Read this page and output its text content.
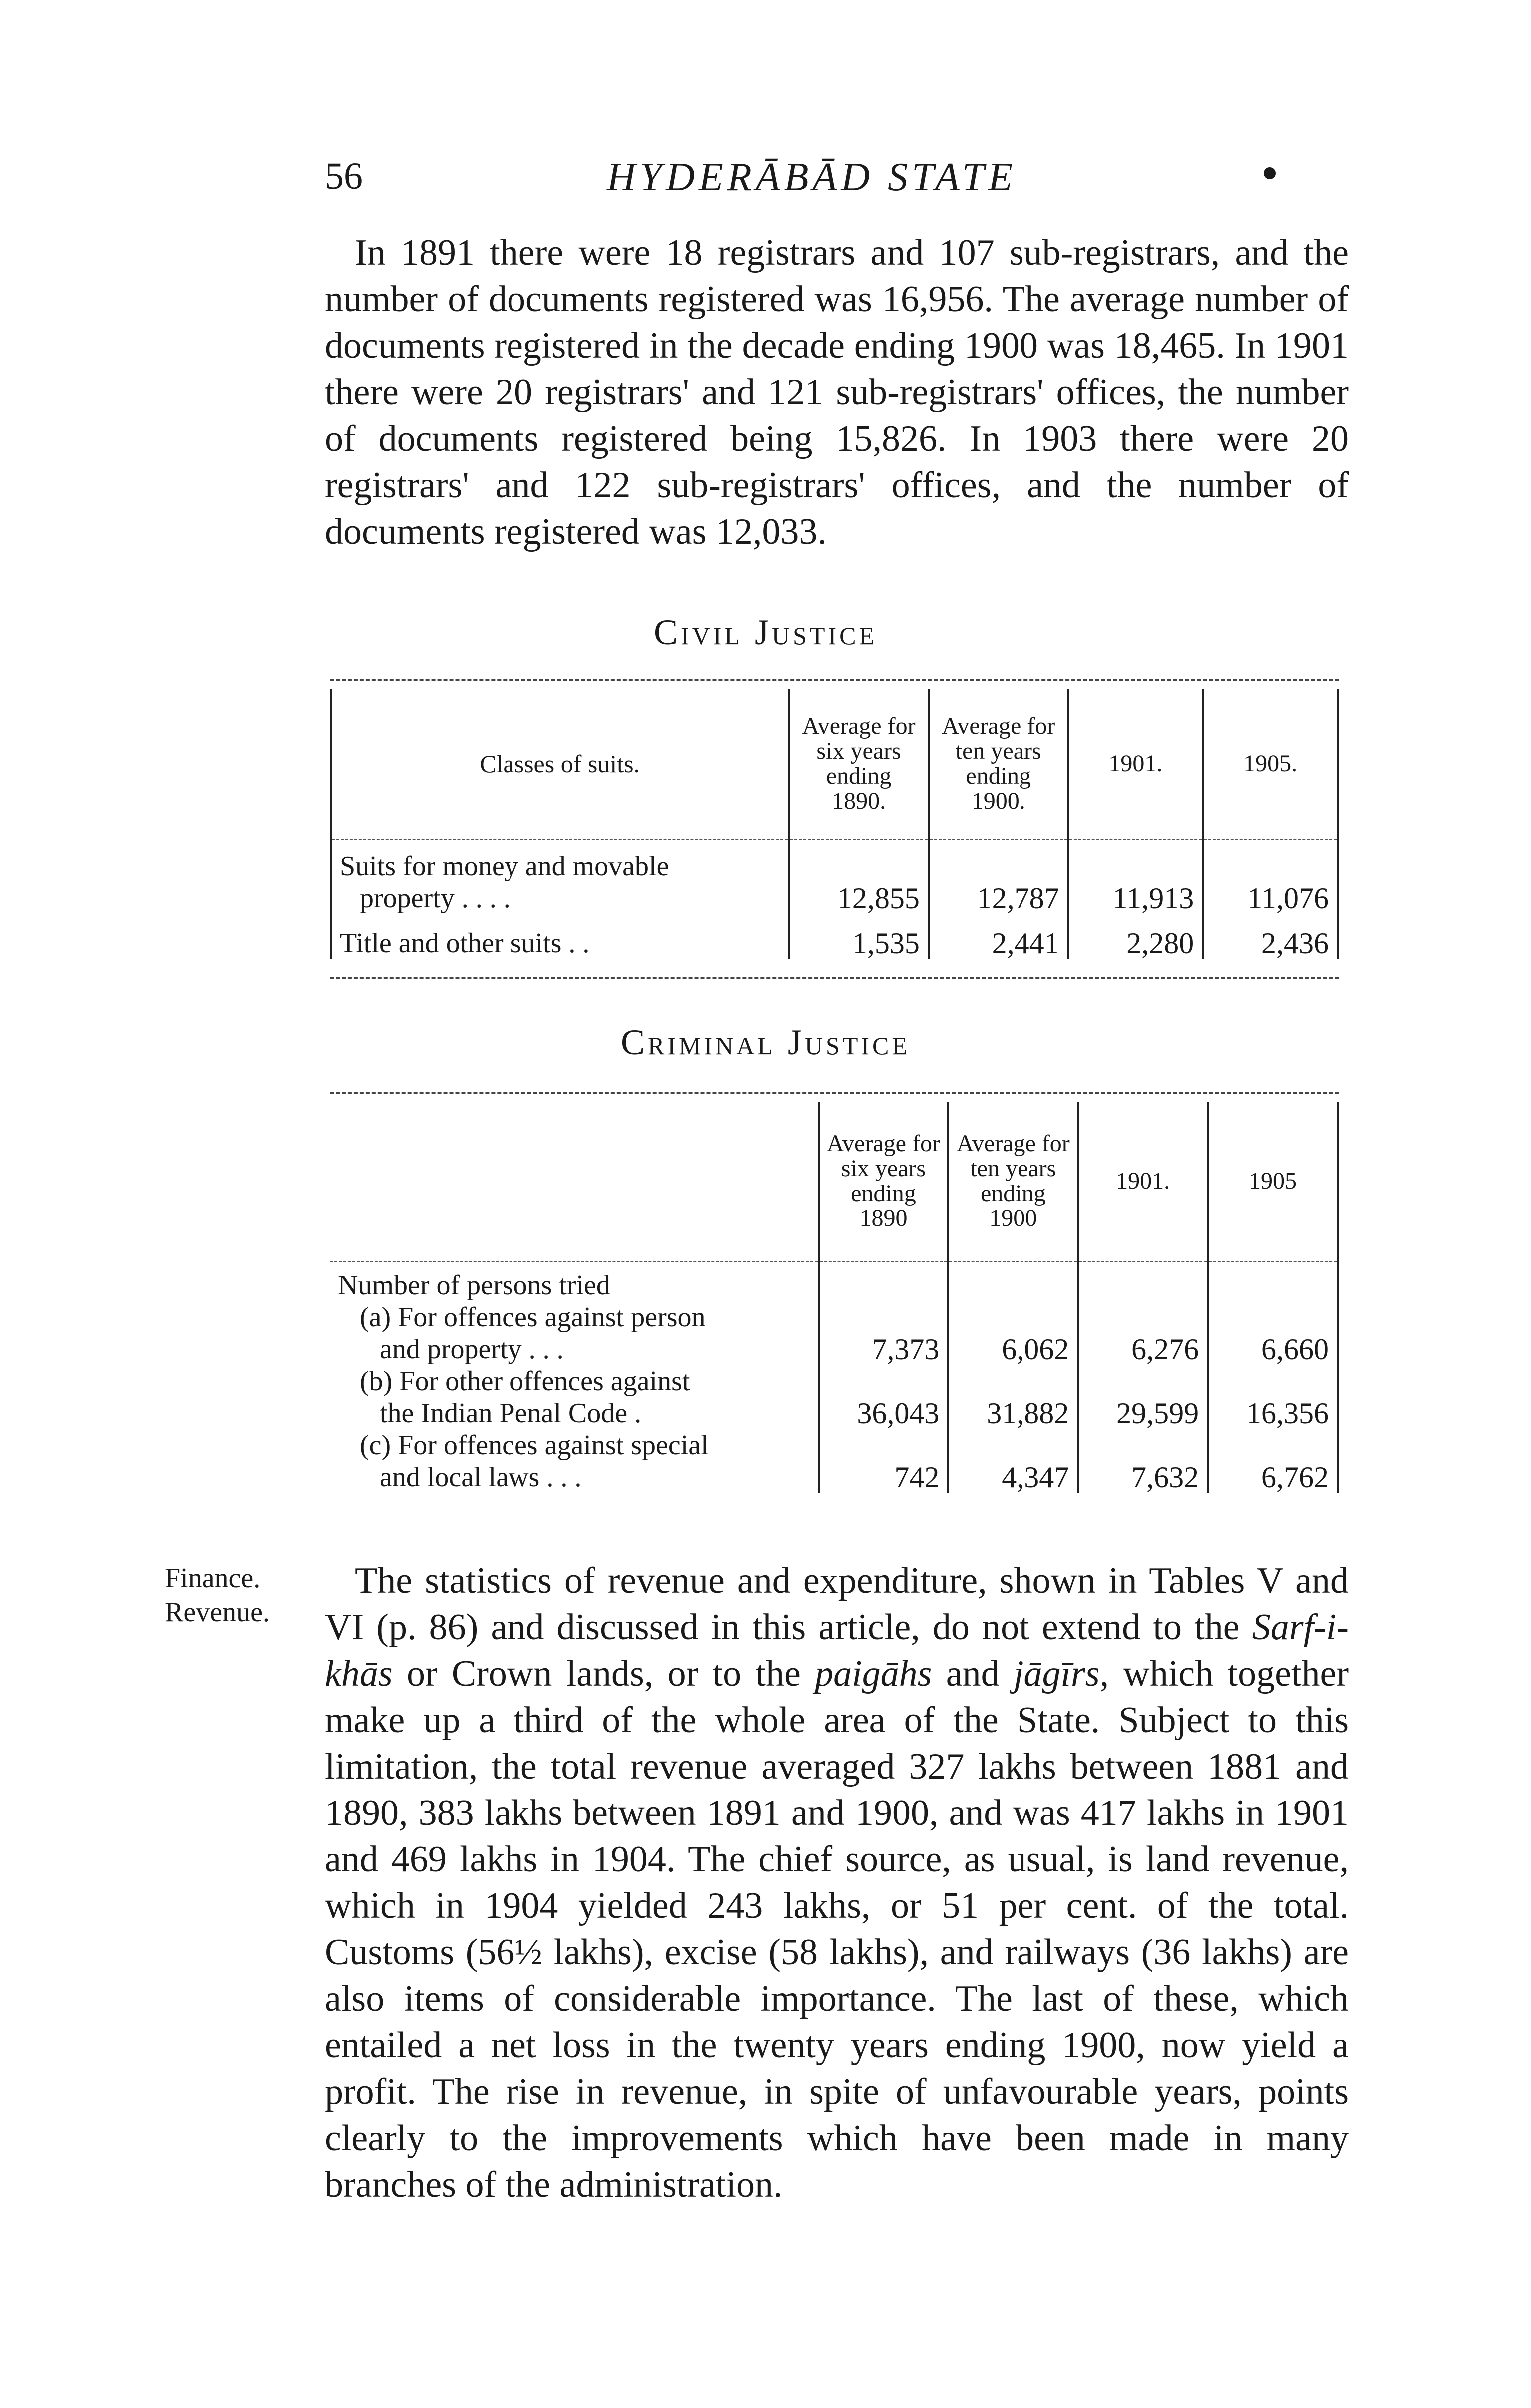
56	HYDERĀBĀD STATE

In 1891 there were 18 registrars and 107 sub-registrars, and the number of documents registered was 16,956. The average number of documents registered in the decade ending 1900 was 18,465. In 1901 there were 20 registrars' and 121 sub-registrars' offices, the number of documents registered being 15,826. In 1903 there were 20 registrars' and 122 sub-registrars' offices, and the number of documents registered was 12,033.

Civil Justice
Classes of suits.	Average for six years ending 1890.	Average for ten years ending 1900.	1901.	1905.

Suits for money and movable
property . . . .	12,855	12,787	11,913	11,076
Title and other suits . .	1,535	2,441	2,280	2,436
Criminal Justice
	Average for six years ending 1890	Average for ten years ending 1900	1901.	1905
Number of persons tried				

(a) For offences against person
and property . . .	7,373	6,062	6,276	6,660

(b) For other offences against
the Indian Penal Code .	36,043	31,882	29,599	16,356

(c) For offences against special
and local laws . . .	742	4,347	7,632	6,762
Finance.
Revenue.

The statistics of revenue and expenditure, shown in Tables V and VI (p. 86) and discussed in this article, do not extend to the Sarf-i-khās or Crown lands, or to the paigāhs and jāgīrs, which together make up a third of the whole area of the State. Subject to this limitation, the total revenue averaged 327 lakhs between 1881 and 1890, 383 lakhs between 1891 and 1900, and was 417 lakhs in 1901 and 469 lakhs in 1904. The chief source, as usual, is land revenue, which in 1904 yielded 243 lakhs, or 51 per cent. of the total. Customs (56½ lakhs), excise (58 lakhs), and railways (36 lakhs) are also items of considerable importance. The last of these, which entailed a net loss in the twenty years ending 1900, now yield a profit. The rise in revenue, in spite of unfavourable years, points clearly to the improvements which have been made in many branches of the administration.
